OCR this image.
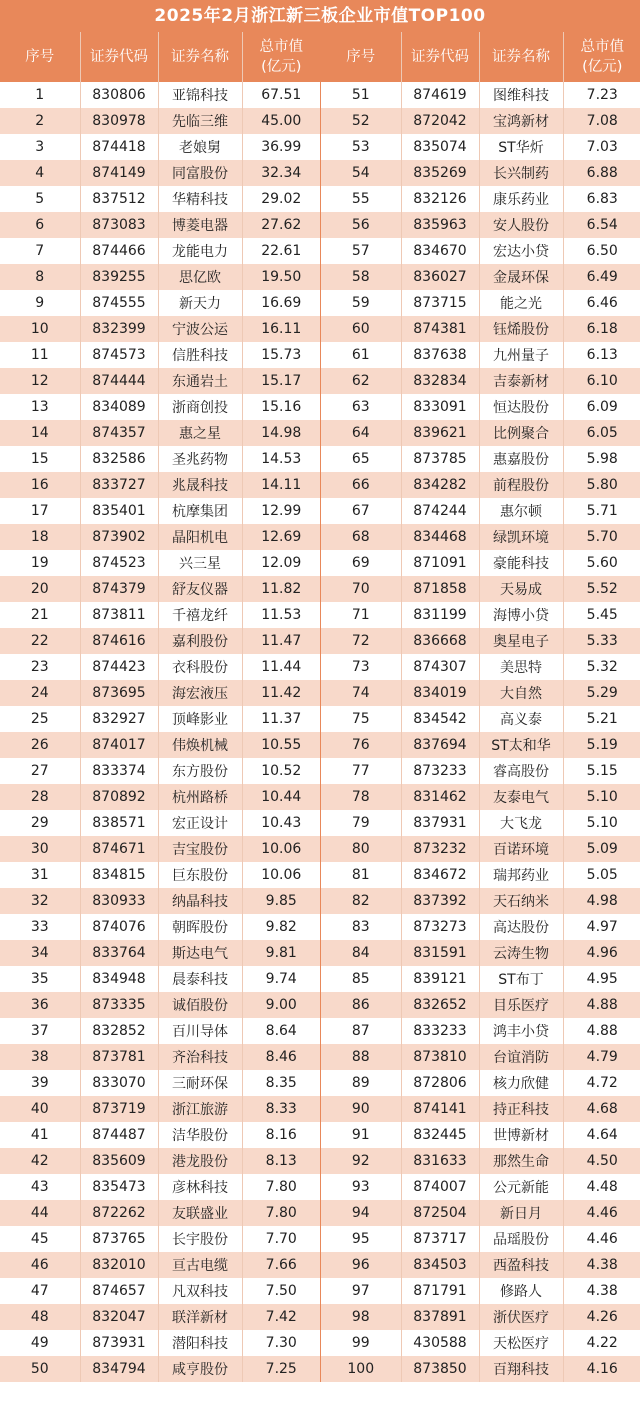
2025年2月浙江新三板企业市值TOP100
序号	证券代码	证券名称	总市值
(亿元)
1	830806	亚锦科技	67.51
2	830978	先临三维	45.00
3	874418	老娘舅	36.99
4	874149	同富股份	32.34
5	837512	华精科技	29.02
6	873083	博菱电器	27.62
7	874466	龙能电力	22.61
8	839255	思亿欧	19.50
9	874555	新天力	16.69
10	832399	宁波公运	16.11
11	874573	信胜科技	15.73
12	874444	东通岩土	15.17
13	834089	浙商创投	15.16
14	874357	惠之星	14.98
15	832586	圣兆药物	14.53
16	833727	兆晟科技	14.11
17	835401	杭摩集团	12.99
18	873902	晶阳机电	12.69
19	874523	兴三星	12.09
20	874379	舒友仪器	11.82
21	873811	千禧龙纤	11.53
22	874616	嘉利股份	11.47
23	874423	衣科股份	11.44
24	873695	海宏液压	11.42
25	832927	顶峰影业	11.37
26	874017	伟焕机械	10.55
27	833374	东方股份	10.52
28	870892	杭州路桥	10.44
29	838571	宏正设计	10.43
30	874671	吉宝股份	10.06
31	834815	巨东股份	10.06
32	830933	纳晶科技	9.85
33	874076	朝晖股份	9.82
34	833764	斯达电气	9.81
35	834948	晨泰科技	9.74
36	873335	诚佰股份	9.00
37	832852	百川导体	8.64
38	873781	齐治科技	8.46
39	833070	三耐环保	8.35
40	873719	浙江旅游	8.33
41	874487	洁华股份	8.16
42	835609	港龙股份	8.13
43	835473	彦林科技	7.80
44	872262	友联盛业	7.80
45	873765	长宇股份	7.70
46	832010	亘古电缆	7.66
47	874657	凡双科技	7.50
48	832047	联洋新材	7.42
49	873931	潜阳科技	7.30
50	834794	咸亨股份	7.25
序号	证券代码	证券名称	总市值
(亿元)
51	874619	图维科技	7.23
52	872042	宝鸿新材	7.08
53	835074	ST华炘	7.03
54	835269	长兴制药	6.88
55	832126	康乐药业	6.83
56	835963	安人股份	6.54
57	834670	宏达小贷	6.50
58	836027	金晟环保	6.49
59	873715	能之光	6.46
60	874381	钰烯股份	6.18
61	837638	九州量子	6.13
62	832834	吉泰新材	6.10
63	833091	恒达股份	6.09
64	839621	比例聚合	6.05
65	873785	惠嘉股份	5.98
66	834282	前程股份	5.80
67	874244	惠尔顿	5.71
68	834468	绿凯环境	5.70
69	871091	豪能科技	5.60
70	871858	天易成	5.52
71	831199	海博小贷	5.45
72	836668	奥星电子	5.33
73	874307	美思特	5.32
74	834019	大自然	5.29
75	834542	高义泰	5.21
76	837694	ST太和华	5.19
77	873233	睿高股份	5.15
78	831462	友泰电气	5.10
79	837931	大飞龙	5.10
80	873232	百诺环境	5.09
81	834672	瑞邦药业	5.05
82	837392	天石纳米	4.98
83	873273	高达股份	4.97
84	831591	云涛生物	4.96
85	839121	ST布丁	4.95
86	832652	目乐医疗	4.88
87	833233	鸿丰小贷	4.88
88	873810	台谊消防	4.79
89	872806	核力欣健	4.72
90	874141	持正科技	4.68
91	832445	世博新材	4.64
92	831633	那然生命	4.50
93	874007	公元新能	4.48
94	872504	新日月	4.46
95	873717	品瑶股份	4.46
96	834503	西盈科技	4.38
97	871791	修路人	4.38
98	837891	浙伏医疗	4.26
99	430588	天松医疗	4.22
100	873850	百翔科技	4.16
